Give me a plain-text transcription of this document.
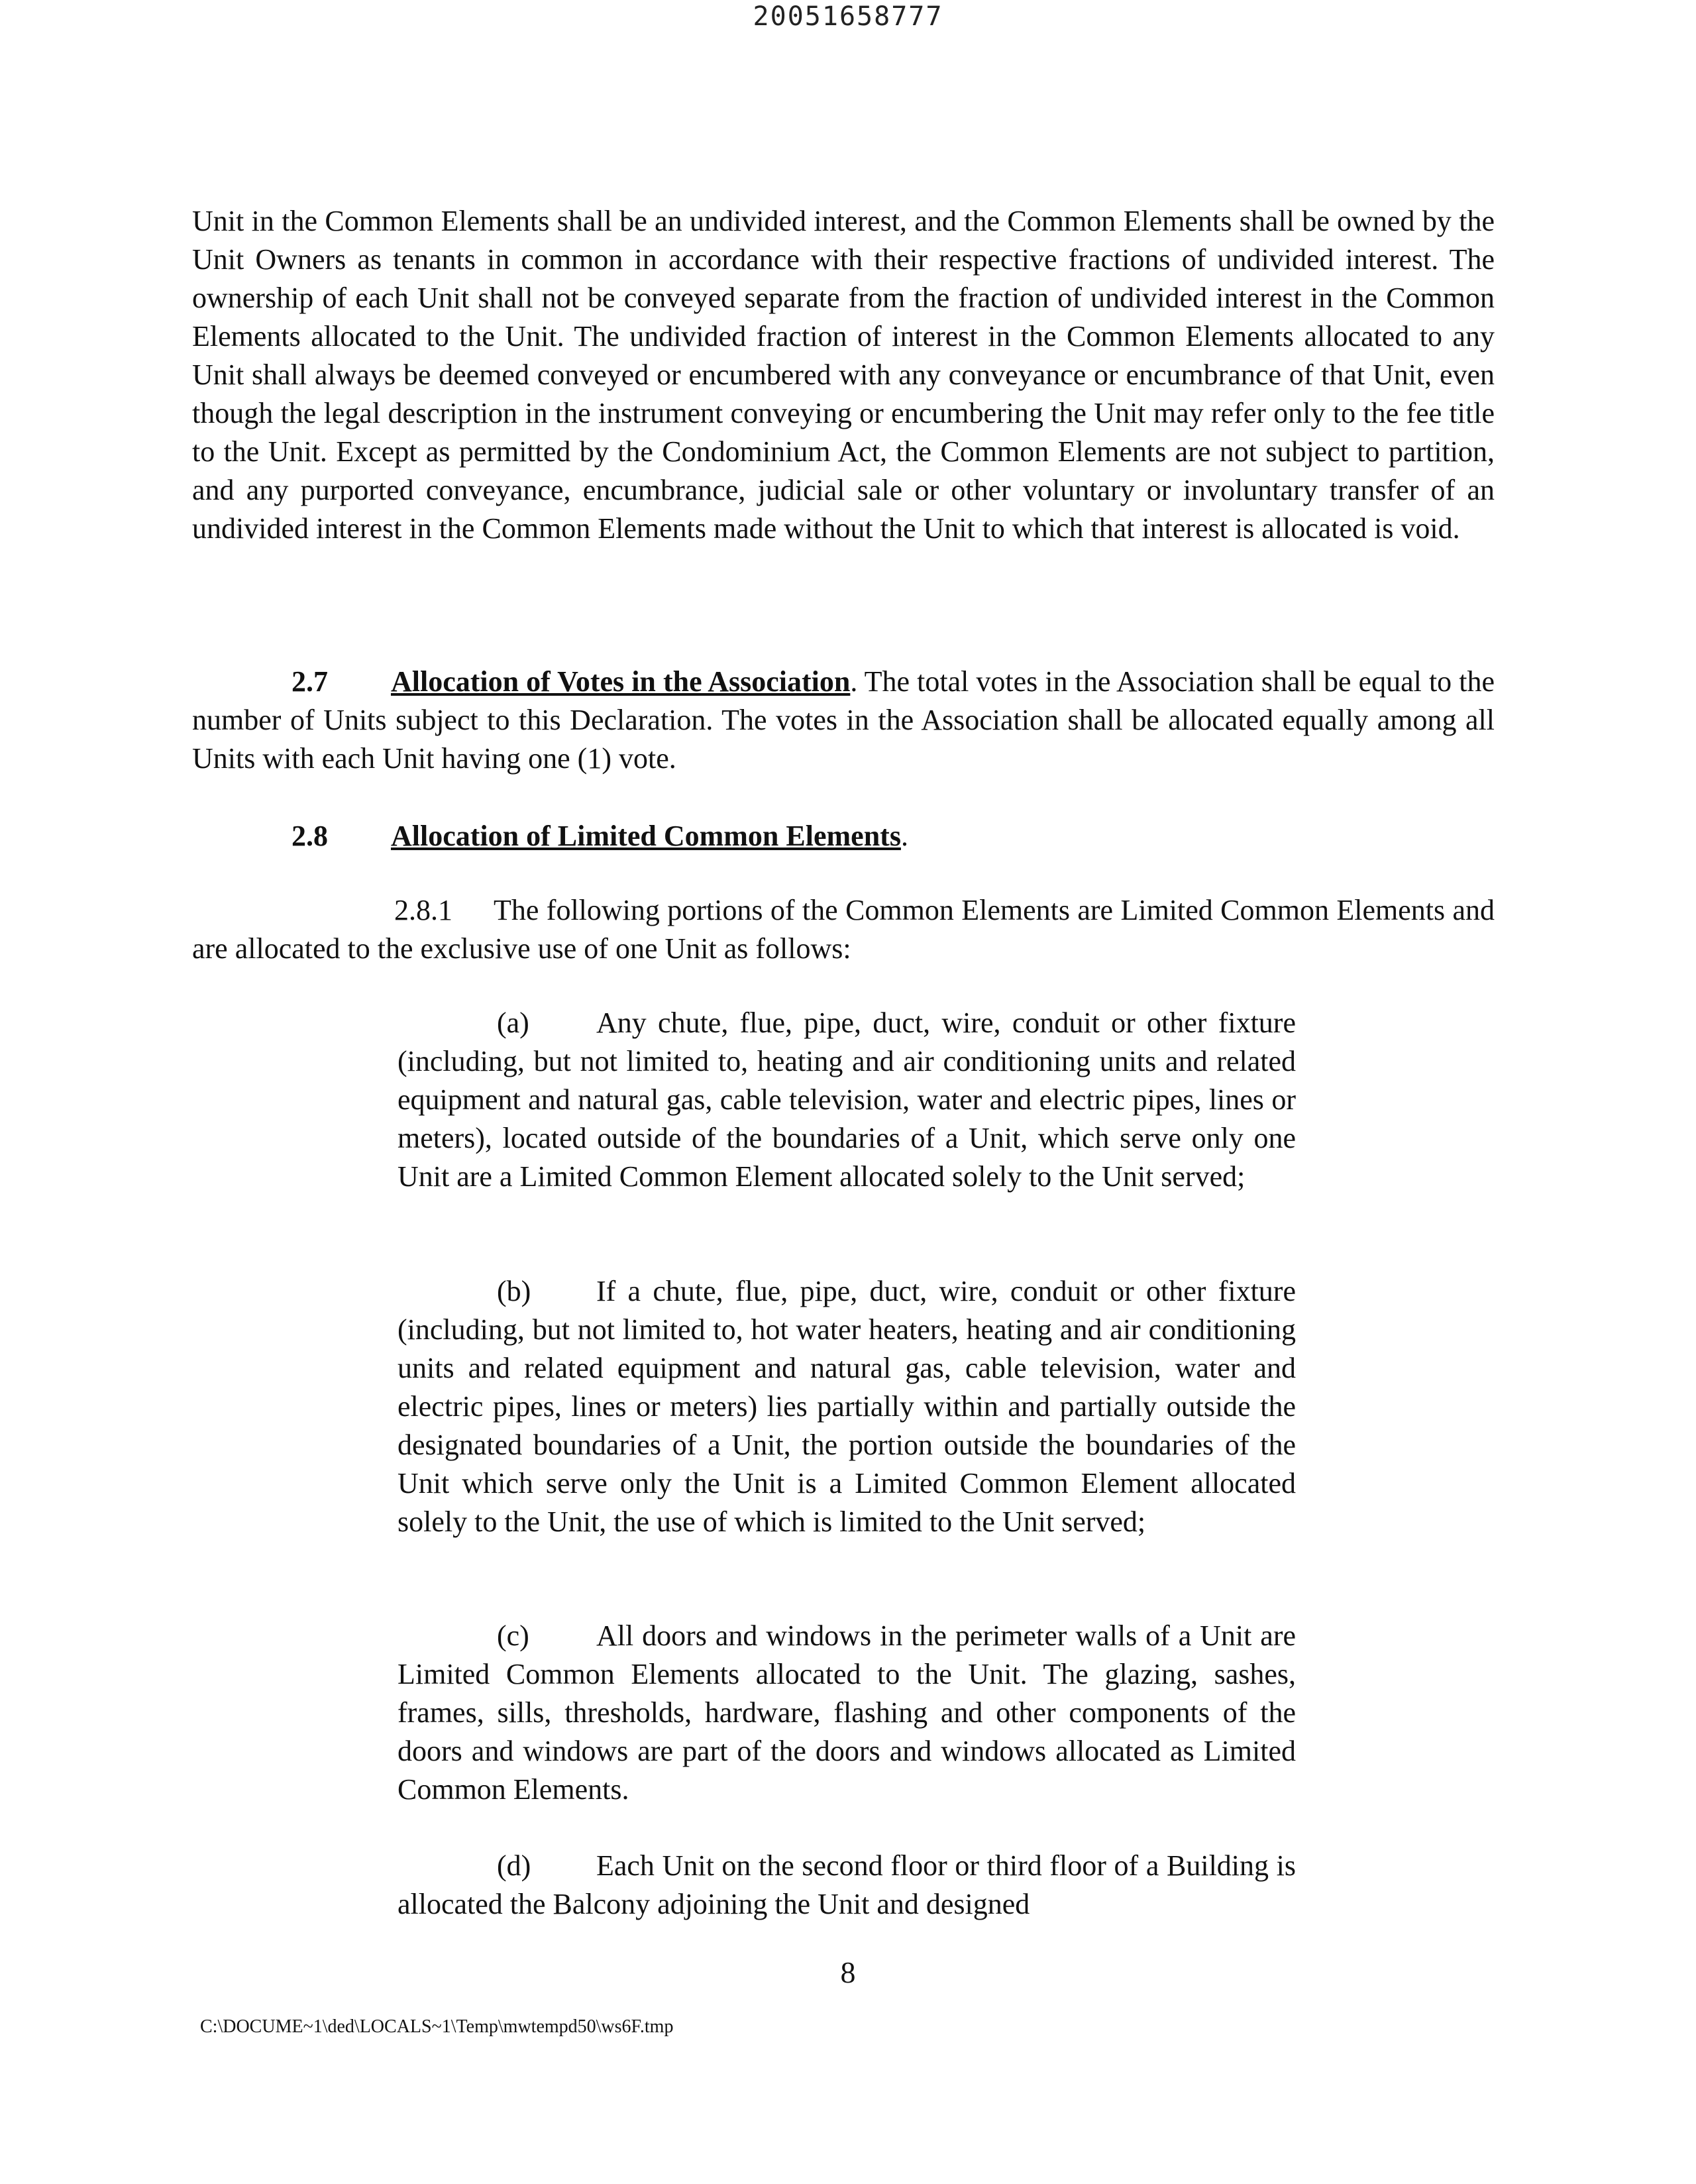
20051658777

Unit in the Common Elements shall be an undivided interest, and the Common Elements shall be owned by the Unit Owners as tenants in common in accordance with their respective fractions of undivided interest. The ownership of each Unit shall not be conveyed separate from the fraction of undivided interest in the Common Elements allocated to the Unit. The undivided fraction of interest in the Common Elements allocated to any Unit shall always be deemed conveyed or encumbered with any conveyance or encumbrance of that Unit, even though the legal description in the instrument conveying or encumbering the Unit may refer only to the fee title to the Unit. Except as permitted by the Condominium Act, the Common Elements are not subject to partition, and any purported conveyance, encumbrance, judicial sale or other voluntary or involuntary transfer of an undivided interest in the Common Elements made without the Unit to which that interest is allocated is void.

2.7 Allocation of Votes in the Association. The total votes in the Association shall be equal to the number of Units subject to this Declaration. The votes in the Association shall be allocated equally among all Units with each Unit having one (1) vote.

2.8 Allocation of Limited Common Elements.

2.8.1 The following portions of the Common Elements are Limited Common Elements and are allocated to the exclusive use of one Unit as follows:

(a) Any chute, flue, pipe, duct, wire, conduit or other fixture (including, but not limited to, heating and air conditioning units and related equipment and natural gas, cable television, water and electric pipes, lines or meters), located outside of the boundaries of a Unit, which serve only one Unit are a Limited Common Element allocated solely to the Unit served;

(b) If a chute, flue, pipe, duct, wire, conduit or other fixture (including, but not limited to, hot water heaters, heating and air conditioning units and related equipment and natural gas, cable television, water and electric pipes, lines or meters) lies partially within and partially outside the designated boundaries of a Unit, the portion outside the boundaries of the Unit which serve only the Unit is a Limited Common Element allocated solely to the Unit, the use of which is limited to the Unit served;

(c) All doors and windows in the perimeter walls of a Unit are Limited Common Elements allocated to the Unit. The glazing, sashes, frames, sills, thresholds, hardware, flashing and other components of the doors and windows are part of the doors and windows allocated as Limited Common Elements.

(d) Each Unit on the second floor or third floor of a Building is allocated the Balcony adjoining the Unit and designed

8
C:\DOCUME~1\ded\LOCALS~1\Temp\mwtempd50\ws6F.tmp
